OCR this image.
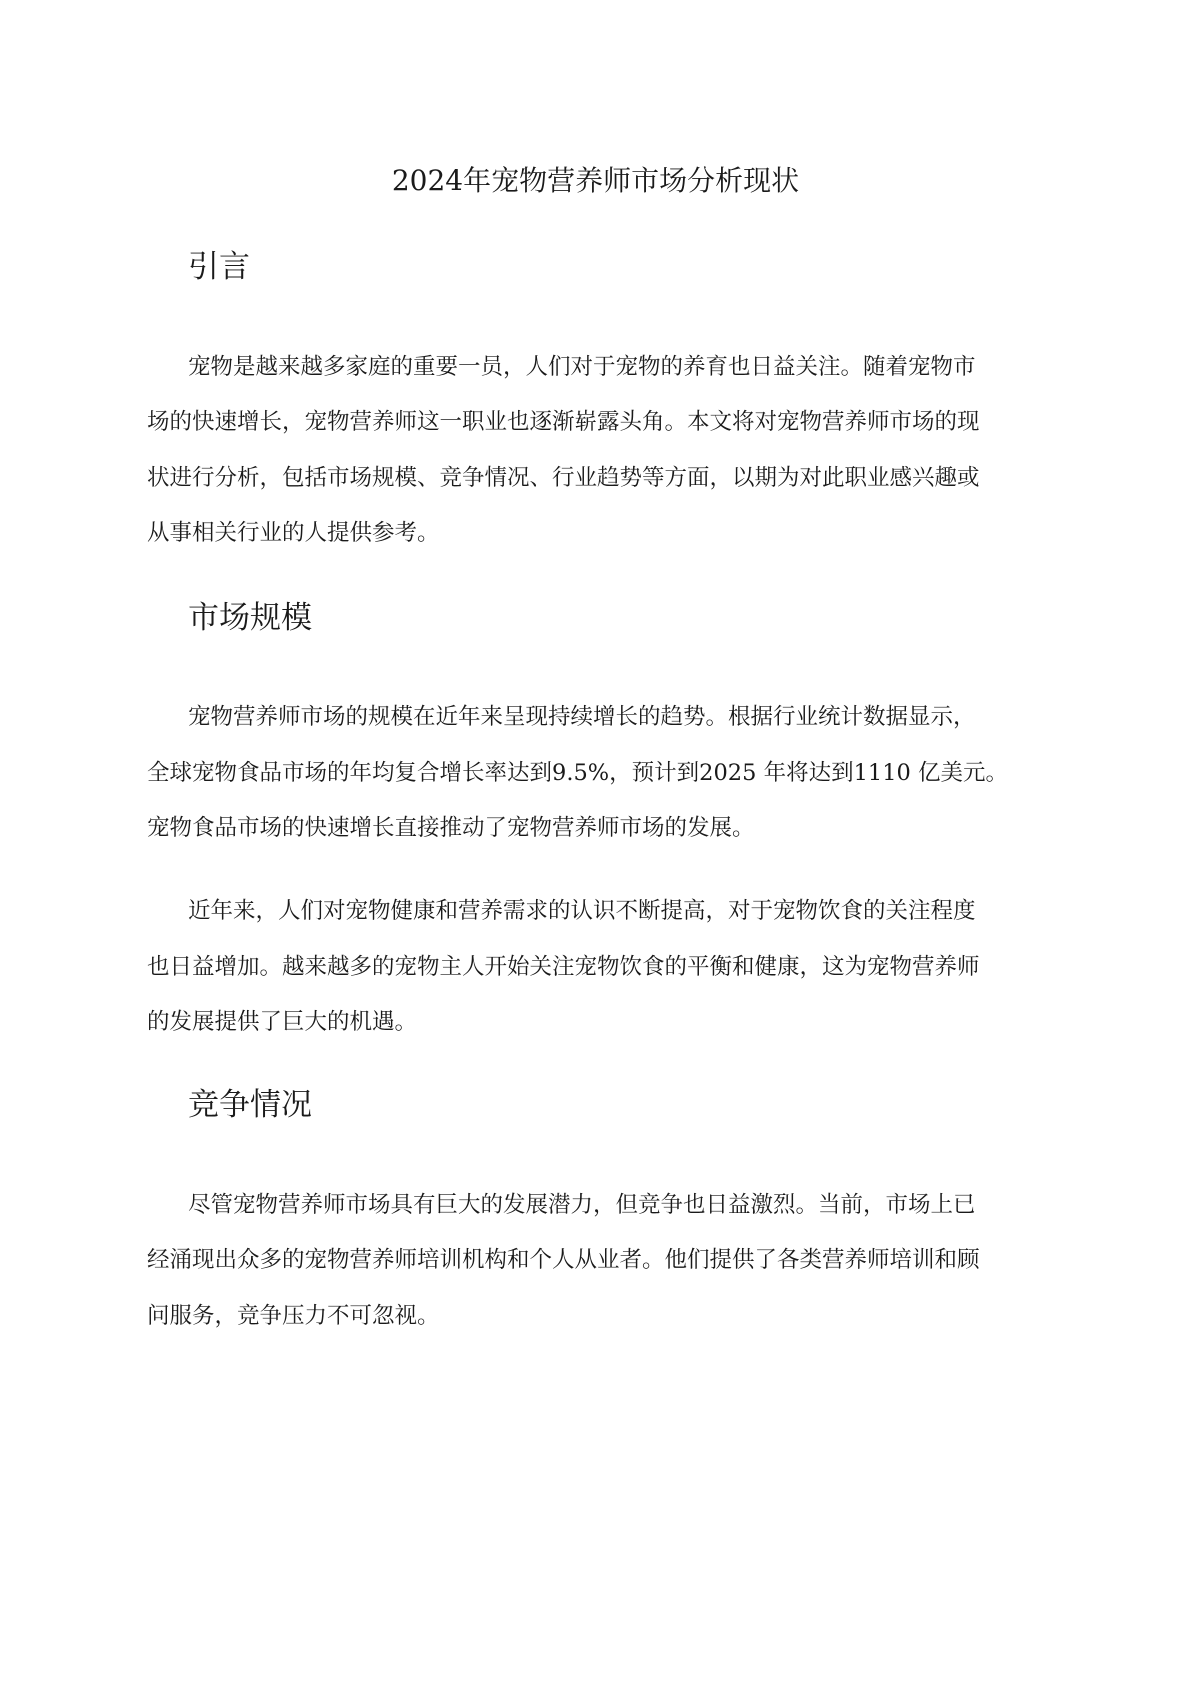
2024年宠物营养师市场分析现状
引言

宠物是越来越多家庭的重要一员，人们对于宠物的养育也日益关注。随着宠物市

场的快速增长，宠物营养师这一职业也逐渐崭露头角。本文将对宠物营养师市场的现

状进行分析，包括市场规模、竞争情况、行业趋势等方面，以期为对此职业感兴趣或

从事相关行业的人提供参考。

市场规模

宠物营养师市场的规模在近年来呈现持续增长的趋势。根据行业统计数据显示，

全球宠物食品市场的年均复合增长率达到9.5%，预计到2025 年将达到1110 亿美元。

宠物食品市场的快速增长直接推动了宠物营养师市场的发展。

近年来，人们对宠物健康和营养需求的认识不断提高，对于宠物饮食的关注程度

也日益增加。越来越多的宠物主人开始关注宠物饮食的平衡和健康，这为宠物营养师

的发展提供了巨大的机遇。

竞争情况

尽管宠物营养师市场具有巨大的发展潜力，但竞争也日益激烈。当前，市场上已

经涌现出众多的宠物营养师培训机构和个人从业者。他们提供了各类营养师培训和顾

问服务，竞争压力不可忽视。
